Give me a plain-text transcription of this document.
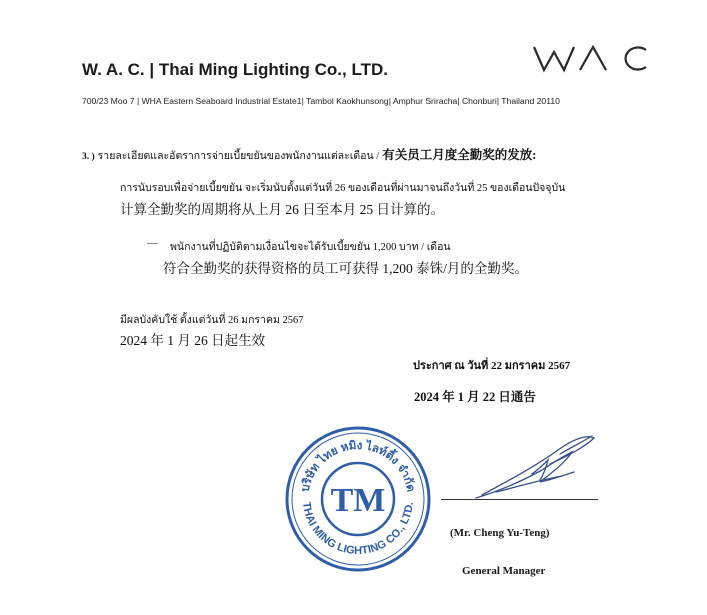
W. A. C. | Thai Ming Lighting Co., LTD.
WAC
700/23 Moo 7 | WHA Eastern Seaboard Industrial Estate1| Tambol Kaokhunsong| Amphur Sriracha| Chonburi| Thailand 20110
3. ) รายละเอียดและอัตราการจ่ายเบี้ยขยันของพนักงานแต่ละเดือน / 有关员工月度全勤奖的发放:
การนับรอบเพื่อจ่ายเบี้ยขยัน จะเริ่มนับตั้งแต่วันที่ 26 ของเดือนที่ผ่านมาจนถึงวันที่ 25 ของเดือนปัจจุบัน
计算全勤奖的周期将从上月 26 日至本月 25 日计算的。
— พนักงานที่ปฏิบัติตามเงื่อนไขจะได้รับเบี้ยขยัน 1,200 บาท / เดือน
符合全勤奖的获得资格的员工可获得 1,200 泰铢/月的全勤奖。
มีผลบังคับใช้ ตั้งแต่วันที่ 26 มกราคม 2567
2024 年 1 月 26 日起生效
ประกาศ ณ วันที่ 22 มกราคม 2567
2024 年 1 月 22 日通告
บริษัท ไทย หมิง ไลท์ติ้ง จำกัด
THAI MING LIGHTING CO., LTD.
TM
(Mr. Cheng Yu-Teng)
General Manager
